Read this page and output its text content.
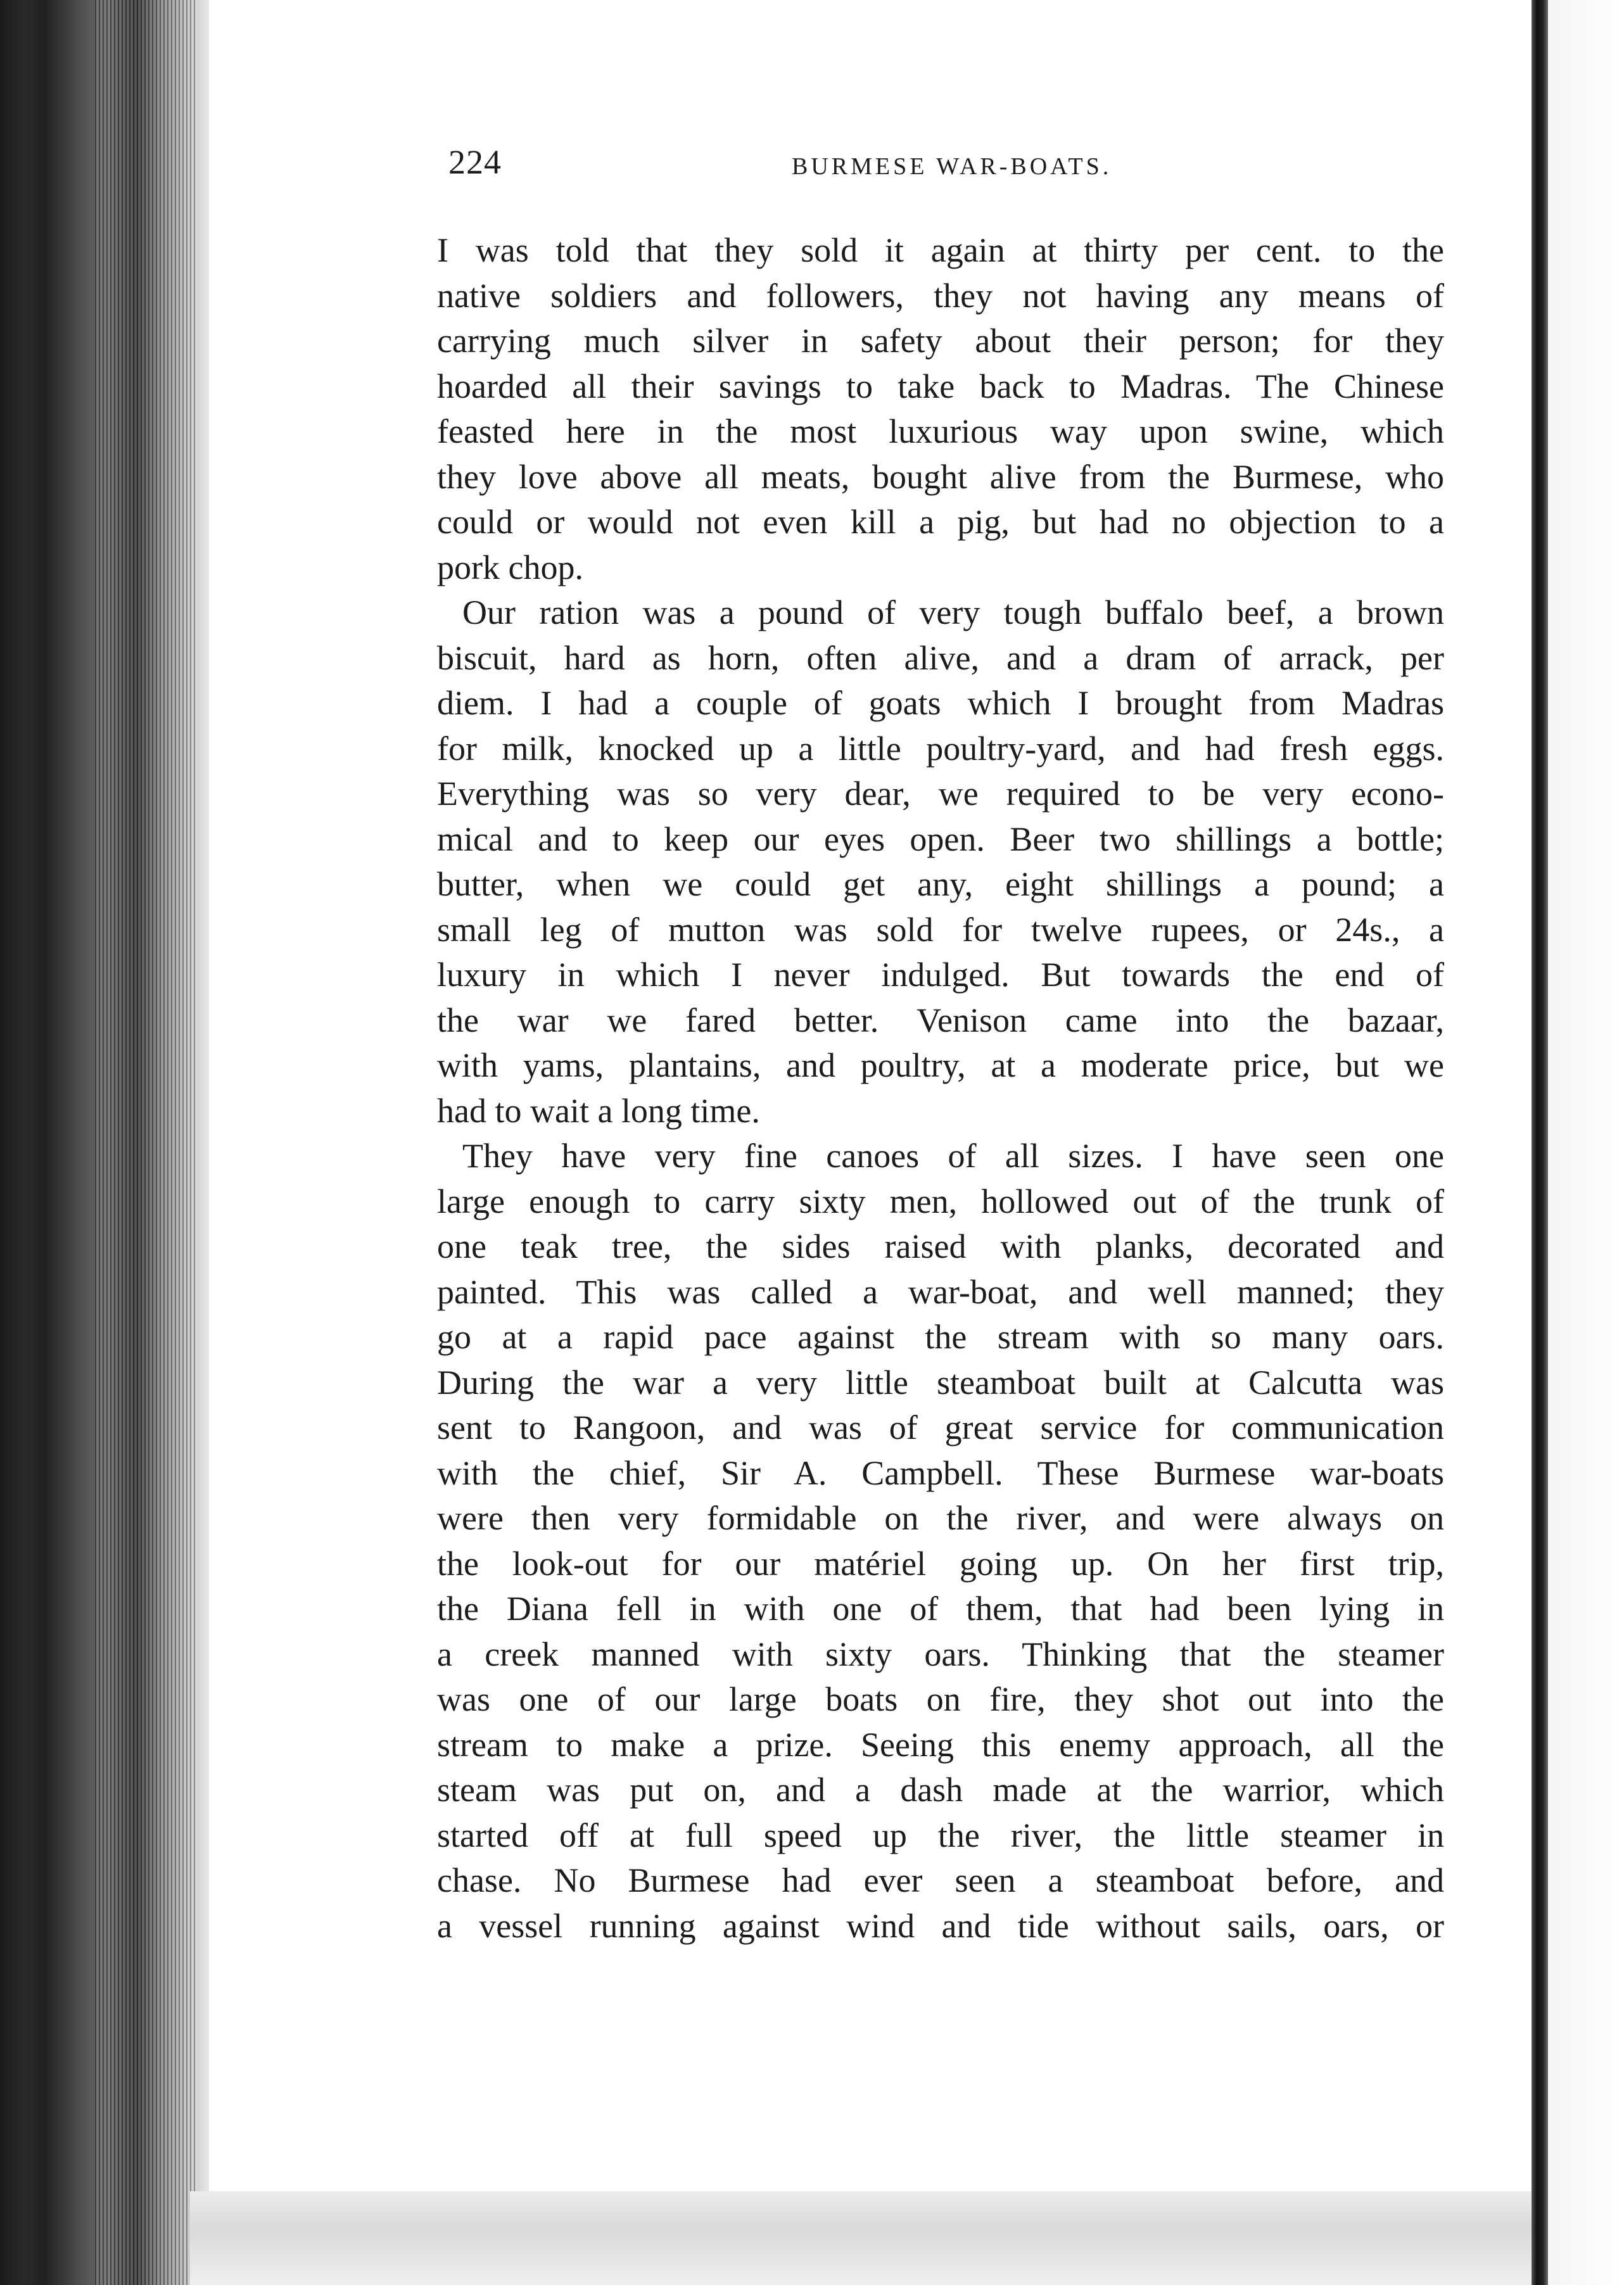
224	BURMESE WAR-BOATS.
I was told that they sold it again at thirty per cent. to the
native soldiers and followers, they not having any means of
carrying much silver in safety about their person; for they
hoarded all their savings to take back to Madras. The Chinese
feasted here in the most luxurious way upon swine, which
they love above all meats, bought alive from the Burmese, who
could or would not even kill a pig, but had no objection to a
pork chop.
Our ration was a pound of very tough buffalo beef, a brown
biscuit, hard as horn, often alive, and a dram of arrack, per
diem. I had a couple of goats which I brought from Madras
for milk, knocked up a little poultry-yard, and had fresh eggs.
Everything was so very dear, we required to be very econo-
mical and to keep our eyes open. Beer two shillings a bottle;
butter, when we could get any, eight shillings a pound; a
small leg of mutton was sold for twelve rupees, or 24s., a
luxury in which I never indulged. But towards the end of
the war we fared better. Venison came into the bazaar,
with yams, plantains, and poultry, at a moderate price, but we
had to wait a long time.
They have very fine canoes of all sizes. I have seen one
large enough to carry sixty men, hollowed out of the trunk of
one teak tree, the sides raised with planks, decorated and
painted. This was called a war-boat, and well manned; they
go at a rapid pace against the stream with so many oars.
During the war a very little steamboat built at Calcutta was
sent to Rangoon, and was of great service for communication
with the chief, Sir A. Campbell. These Burmese war-boats
were then very formidable on the river, and were always on
the look-out for our matériel going up. On her first trip,
the Diana fell in with one of them, that had been lying in
a creek manned with sixty oars. Thinking that the steamer
was one of our large boats on fire, they shot out into the
stream to make a prize. Seeing this enemy approach, all the
steam was put on, and a dash made at the warrior, which
started off at full speed up the river, the little steamer in
chase. No Burmese had ever seen a steamboat before, and
a vessel running against wind and tide without sails, oars, or
